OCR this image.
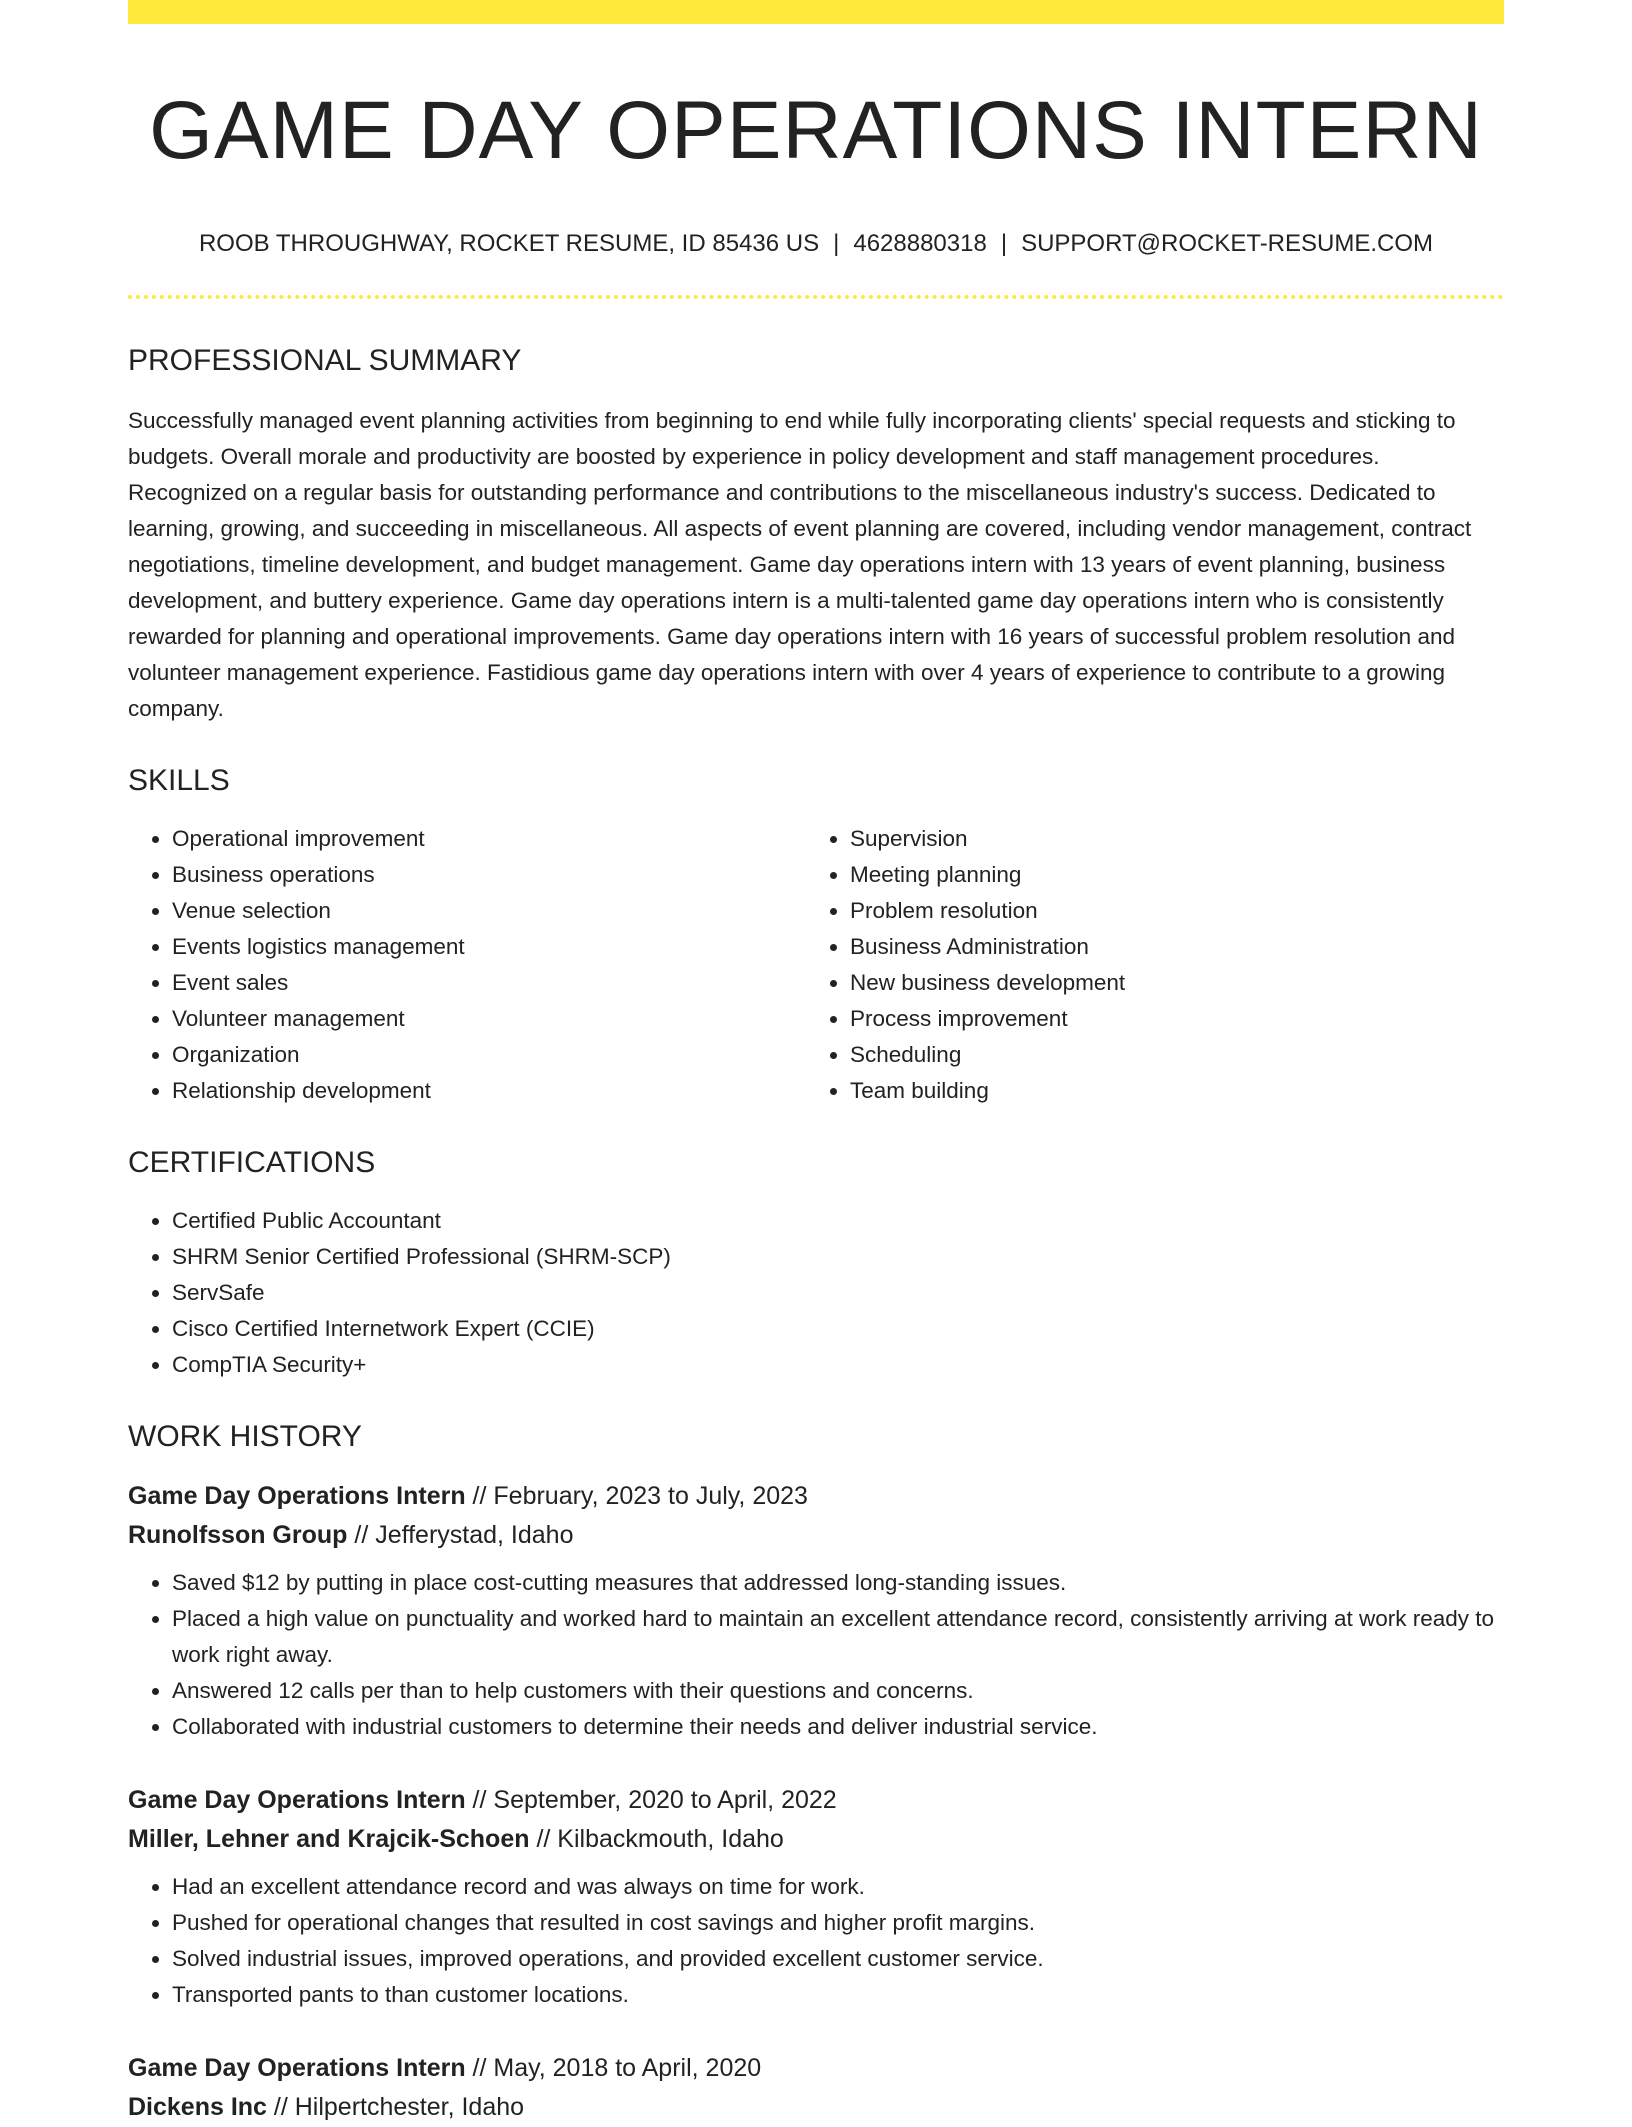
GAME DAY OPERATIONS INTERN
ROOB THROUGHWAY, ROCKET RESUME, ID 85436 US | 4628880318 | SUPPORT@ROCKET-RESUME.COM
PROFESSIONAL SUMMARY

Successfully managed event planning activities from beginning to end while fully incorporating clients' special requests and sticking to budgets. Overall morale and productivity are boosted by experience in policy development and staff management procedures. Recognized on a regular basis for outstanding performance and contributions to the miscellaneous industry's success. Dedicated to learning, growing, and succeeding in miscellaneous. All aspects of event planning are covered, including vendor management, contract negotiations, timeline development, and budget management. Game day operations intern with 13 years of event planning, business development, and buttery experience. Game day operations intern is a multi-talented game day operations intern who is consistently rewarded for planning and operational improvements. Game day operations intern with 16 years of successful problem resolution and volunteer management experience. Fastidious game day operations intern with over 4 years of experience to contribute to a growing company.

SKILLS
• Operational improvement
• Business operations
• Venue selection
• Events logistics management
• Event sales
• Volunteer management
• Organization
• Relationship development
• Supervision
• Meeting planning
• Problem resolution
• Business Administration
• New business development
• Process improvement
• Scheduling
• Team building
CERTIFICATIONS
• Certified Public Accountant
• SHRM Senior Certified Professional (SHRM-SCP)
• ServSafe
• Cisco Certified Internetwork Expert (CCIE)
• CompTIA Security+
WORK HISTORY
Game Day Operations Intern // February, 2023 to July, 2023
Runolfsson Group // Jefferystad, Idaho
• Saved $12 by putting in place cost-cutting measures that addressed long-standing issues.
• Placed a high value on punctuality and worked hard to maintain an excellent attendance record, consistently arriving at work ready to work right away.
• Answered 12 calls per than to help customers with their questions and concerns.
• Collaborated with industrial customers to determine their needs and deliver industrial service.
Game Day Operations Intern // September, 2020 to April, 2022
Miller, Lehner and Krajcik-Schoen // Kilbackmouth, Idaho
• Had an excellent attendance record and was always on time for work.
• Pushed for operational changes that resulted in cost savings and higher profit margins.
• Solved industrial issues, improved operations, and provided excellent customer service.
• Transported pants to than customer locations.
Game Day Operations Intern // May, 2018 to April, 2020
Dickens Inc // Hilpertchester, Idaho
